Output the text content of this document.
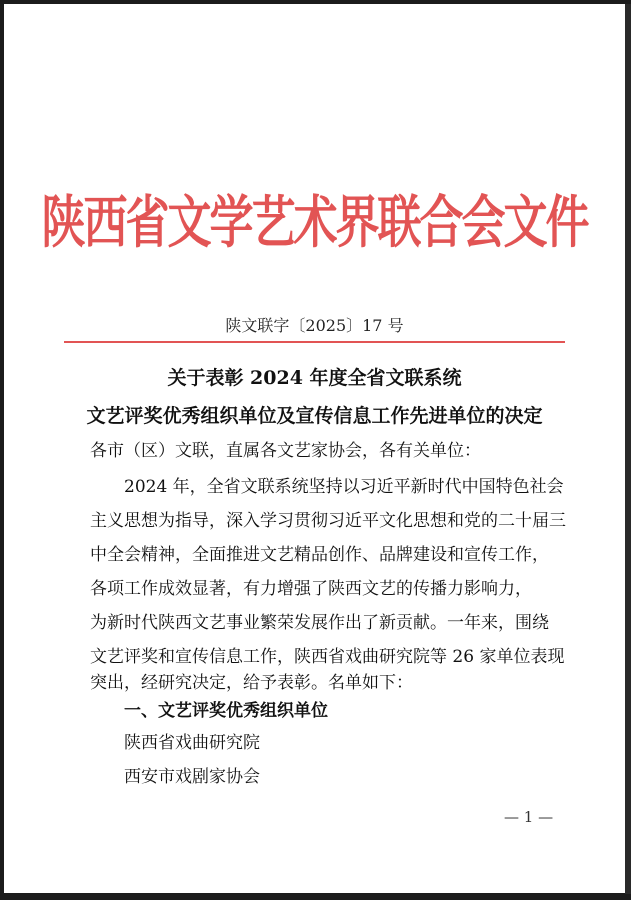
陕西省文学艺术界联合会文件
陕文联字〔2025〕17 号
关于表彰 2024 年度全省文联系统
文艺评奖优秀组织单位及宣传信息工作先进单位的决定
各市（区）文联，直属各文艺家协会，各有关单位：
2024 年，全省文联系统坚持以习近平新时代中国特色社会
主义思想为指导，深入学习贯彻习近平文化思想和党的二十届三
中全会精神，全面推进文艺精品创作、品牌建设和宣传工作，
各项工作成效显著，有力增强了陕西文艺的传播力影响力，
为新时代陕西文艺事业繁荣发展作出了新贡献。一年来，围绕
文艺评奖和宣传信息工作，陕西省戏曲研究院等 26 家单位表现
突出，经研究决定，给予表彰。名单如下：
一、文艺评奖优秀组织单位
陕西省戏曲研究院
西安市戏剧家协会
— 1 —
